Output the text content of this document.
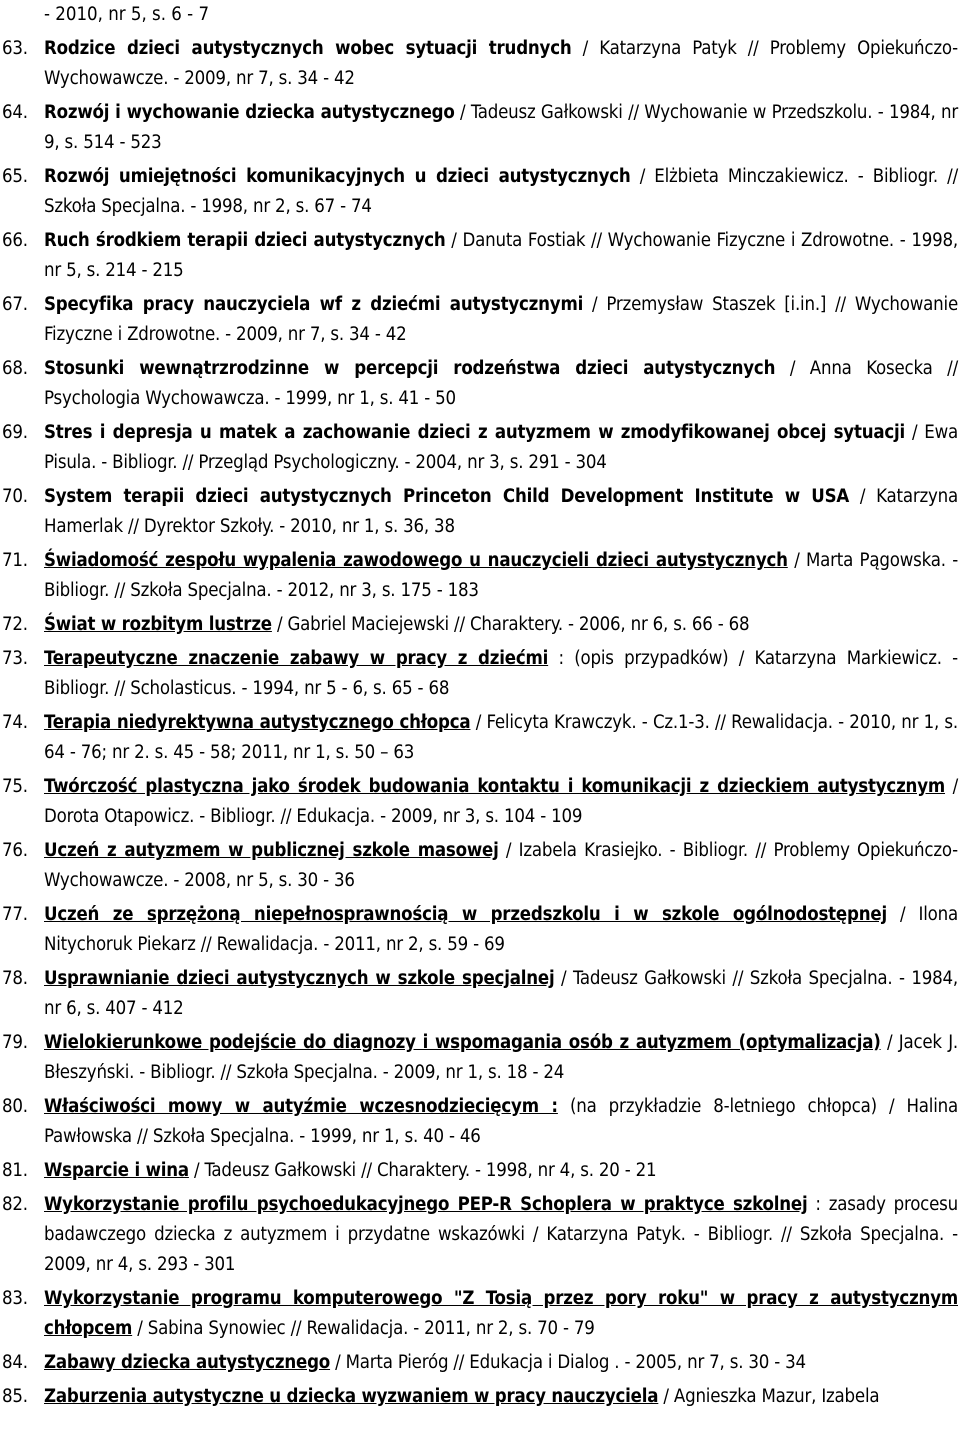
- 2010, nr 5, s. 6 - 7

63. Rodzice dzieci autystycznych wobec sytuacji trudnych / Katarzyna Patyk // Problemy Opiekuńczo-Wychowawcze. - 2009, nr 7, s. 34 - 42
64. Rozwój i wychowanie dziecka autystycznego / Tadeusz Gałkowski // Wychowanie w Przedszkolu. - 1984, nr 9, s. 514 - 523
65. Rozwój umiejętności komunikacyjnych u dzieci autystycznych / Elżbieta Minczakiewicz. - Bibliogr. // Szkoła Specjalna. - 1998, nr 2, s. 67 - 74
66. Ruch środkiem terapii dzieci autystycznych / Danuta Fostiak // Wychowanie Fizyczne i Zdrowotne. - 1998, nr 5, s. 214 - 215
67. Specyfika pracy nauczyciela wf z dziećmi autystycznymi / Przemysław Staszek [i.in.] // Wychowanie Fizyczne i Zdrowotne. - 2009, nr 7, s. 34 - 42
68. Stosunki wewnątrzrodzinne w percepcji rodzeństwa dzieci autystycznych / Anna Kosecka // Psychologia Wychowawcza. - 1999, nr 1, s. 41 - 50
69. Stres i depresja u matek a zachowanie dzieci z autyzmem w zmodyfikowanej obcej sytuacji / Ewa Pisula. - Bibliogr. // Przegląd Psychologiczny. - 2004, nr 3, s. 291 - 304
70. System terapii dzieci autystycznych Princeton Child Development Institute w USA / Katarzyna Hamerlak // Dyrektor Szkoły. - 2010, nr 1, s. 36, 38
71. Świadomość zespołu wypalenia zawodowego u nauczycieli dzieci autystycznych / Marta Pągowska. - Bibliogr. // Szkoła Specjalna. - 2012, nr 3, s. 175 - 183
72. Świat w rozbitym lustrze / Gabriel Maciejewski // Charaktery. - 2006, nr 6, s. 66 - 68
73. Terapeutyczne znaczenie zabawy w pracy z dziećmi : (opis przypadków) / Katarzyna Markiewicz. - Bibliogr. // Scholasticus. - 1994, nr 5 - 6, s. 65 - 68
74. Terapia niedyrektywna autystycznego chłopca / Felicyta Krawczyk. - Cz.1-3. // Rewalidacja. - 2010, nr 1, s. 64 - 76; nr 2. s. 45 - 58; 2011, nr 1, s. 50 – 63
75. Twórczość plastyczna jako środek budowania kontaktu i komunikacji z dzieckiem autystycznym / Dorota Otapowicz. - Bibliogr. // Edukacja. - 2009, nr 3, s. 104 - 109
76. Uczeń z autyzmem w publicznej szkole masowej / Izabela Krasiejko. - Bibliogr. // Problemy Opiekuńczo-Wychowawcze. - 2008, nr 5, s. 30 - 36
77. Uczeń ze sprzężoną niepełnosprawnością w przedszkolu i w szkole ogólnodostępnej / Ilona Nitychoruk Piekarz // Rewalidacja. - 2011, nr 2, s. 59 - 69
78. Usprawnianie dzieci autystycznych w szkole specjalnej / Tadeusz Gałkowski // Szkoła Specjalna. - 1984, nr 6, s. 407 - 412
79. Wielokierunkowe podejście do diagnozy i wspomagania osób z autyzmem (optymalizacja) / Jacek J. Błeszyński. - Bibliogr. // Szkoła Specjalna. - 2009, nr 1, s. 18 - 24
80. Właściwości mowy w autyźmie wczesnodziecięcym : (na przykładzie 8-letniego chłopca) / Halina Pawłowska // Szkoła Specjalna. - 1999, nr 1, s. 40 - 46
81. Wsparcie i wina / Tadeusz Gałkowski // Charaktery. - 1998, nr 4, s. 20 - 21
82. Wykorzystanie profilu psychoedukacyjnego PEP-R Schoplera w praktyce szkolnej : zasady procesu badawczego dziecka z autyzmem i przydatne wskazówki / Katarzyna Patyk. - Bibliogr. // Szkoła Specjalna. - 2009, nr 4, s. 293 - 301
83. Wykorzystanie programu komputerowego "Z Tosią przez pory roku" w pracy z autystycznym chłopcem / Sabina Synowiec // Rewalidacja. - 2011, nr 2, s. 70 - 79
84. Zabawy dziecka autystycznego / Marta Pieróg // Edukacja i Dialog . - 2005, nr 7, s. 30 - 34
85. Zaburzenia autystyczne u dziecka wyzwaniem w pracy nauczyciela / Agnieszka Mazur, Izabela
